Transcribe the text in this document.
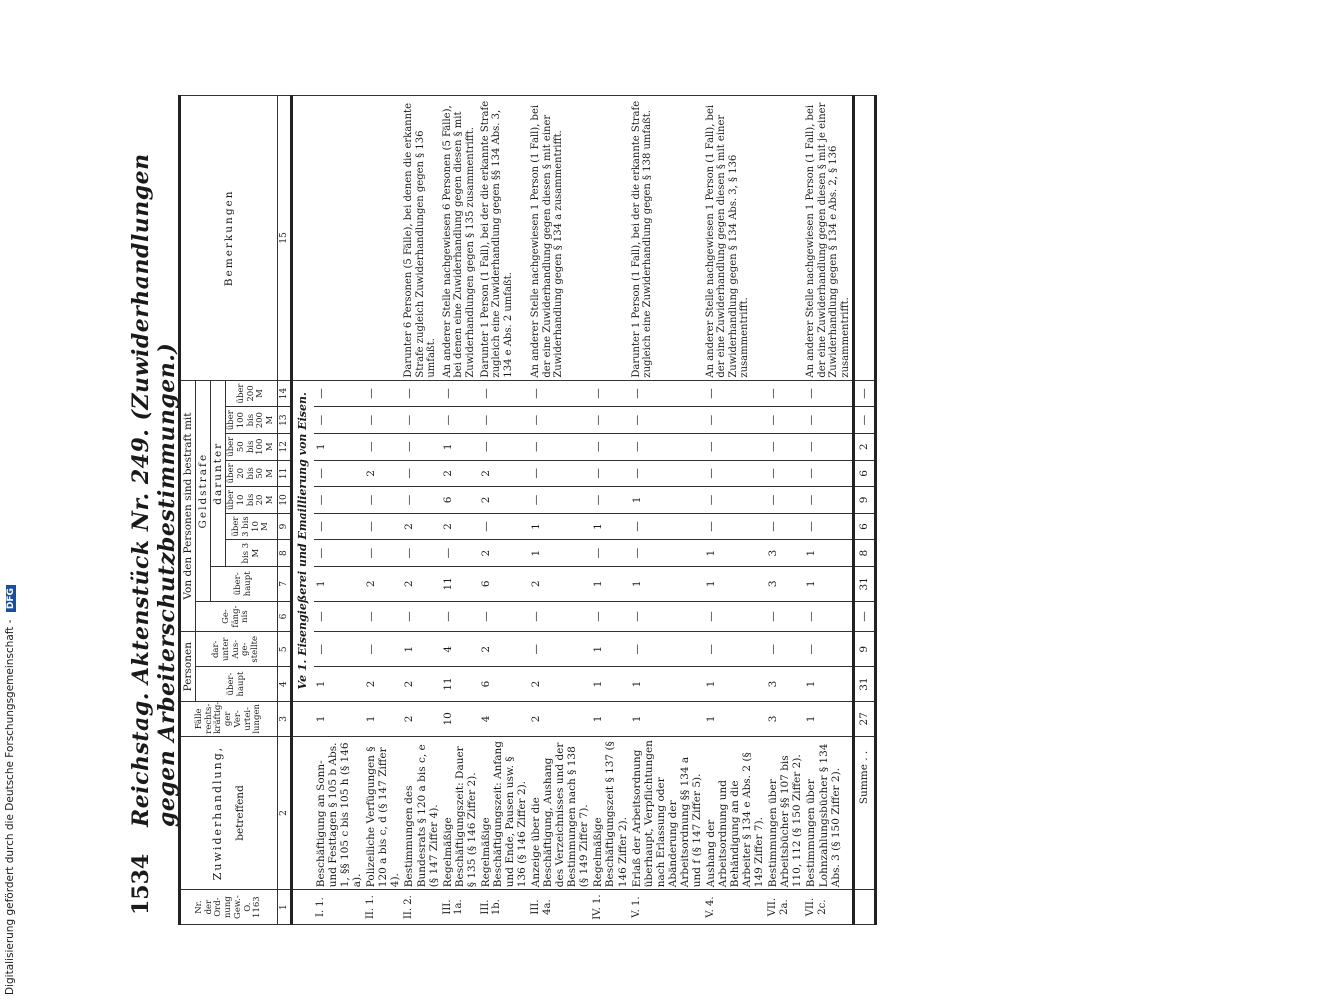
1534
Reichstag. Aktenstück Nr. 249. (Zuwiderhandlungen gegen Arbeiterschutzbestimmungen.)
Nr. der Ord-nung Gew.-O. 1163	Zuwiderhandlung, betreffend	Fälle rechts-kräftig-ger Ver-urtei-lungen	Personen		Von den Personen sind bestraft mit									Bemerkungen
			über-haupt	dar-unter Aus-ge-stellte	Ge-fäng-nis	Geldstrafe								
						über-haupt	darunter							
							bis 3 M	über 3 bis 10 M	über 10 bis 20 M	über 20 bis 50 M	über 50 bis 100 M	über 100 bis 200 M	über 200 M	
1	2	3	4	5	6	7	8	9	10	11	12	13	14	15
			Ve 1. Eisengießerei und Emaillierung von Eisen.											
I. 1.	Beschäftigung an Sonn- und Festtagen § 105 b Abs. 1, §§ 105 c bis 105 h (§ 146 a).	1	1	—	—	1	—	—	—	—	1	—	—	
II. 1.	Polizeiliche Verfügungen § 120 a bis c, d (§ 147 Ziffer 4).	1	2	—	—	2	—	—	—	2	—	—	—	
II. 2.	Bestimmungen des Bundesrats § 120 a bis c, e (§ 147 Ziffer 4).	2	2	1	—	2	—	2	—	—	—	—	—	Darunter 6 Personen (5 Fälle), bei denen die erkannte Strafe zugleich Zuwiderhandlungen gegen § 136 umfaßt.
III. 1a.	Regelmäßige Beschäftigungszeit: Dauer § 135 (§ 146 Ziffer 2).	10	11	4	—	11	—	2	6	2	1	—	—	An anderer Stelle nachgewiesen 6 Personen (5 Fälle), bei denen eine Zuwiderhandlung gegen diesen § mit Zuwiderhandlungen gegen § 135 zusammentrifft.
III. 1b.	Regelmäßige Beschäftigungszeit: Anfang und Ende, Pausen usw. § 136 (§ 146 Ziffer 2).	4	6	2	—	6	2	—	2	2	—	—	—	Darunter 1 Person (1 Fall), bei der die erkannte Strafe zugleich eine Zuwiderhandlung gegen §§ 134 Abs. 3, 134 e Abs. 2 umfaßt.
III. 4a.	Anzeige über die Beschäftigung, Aushang des Verzeichnisses und der Bestimmungen nach § 138 (§ 149 Ziffer 7).	2	2	—	—	2	1	1	—	—	—	—	—	An anderer Stelle nachgewiesen 1 Person (1 Fall), bei der eine Zuwiderhandlung gegen diesen § mit einer Zuwiderhandlung gegen § 134 a zusammentrifft.
IV. 1.	Regelmäßige Beschäftigungszeit § 137 (§ 146 Ziffer 2).	1	1	1	—	1	—	1	—	—	—	—	—	
V. 1.	Erlaß der Arbeitsordnung überhaupt, Verpflichtungen nach Erlassung oder Abänderung der Arbeitsordnung §§ 134 a und f (§ 147 Ziffer 5).	1	1	—	—	1	—	—	1	—	—	—	—	Darunter 1 Person (1 Fall), bei der die erkannte Strafe zugleich eine Zuwiderhandlung gegen § 138 umfaßt.
V. 4.	Aushang der Arbeitsordnung und Behändigung an die Arbeiter § 134 e Abs. 2 (§ 149 Ziffer 7).	1	1	—	—	1	1	—	—	—	—	—	—	An anderer Stelle nachgewiesen 1 Person (1 Fall), bei der eine Zuwiderhandlung gegen diesen § mit einer Zuwiderhandlung gegen § 134 Abs. 3, § 136 zusammentrifft.
VII. 2a.	Bestimmungen über Arbeitsbücher §§ 107 bis 110, 112 (§ 150 Ziffer 2).	3	3	—	—	3	3	—	—	—	—	—	—	
VII. 2c.	Bestimmungen über Lohnzahlungsbücher § 134 Abs. 3 (§ 150 Ziffer 2).	1	1	—	—	1	1	—	—	—	—	—	—	An anderer Stelle nachgewiesen 1 Person (1 Fall), bei der eine Zuwiderhandlung gegen diesen § mit je einer Zuwiderhandlung gegen § 134 e Abs. 2, § 136 zusammentrifft.
	Summe . .	27	31	9	—	31	8	6	9	6	2	—	—	
Digitalisierung gefördert durch die Deutsche Forschungsgemeinschaft - DFG
